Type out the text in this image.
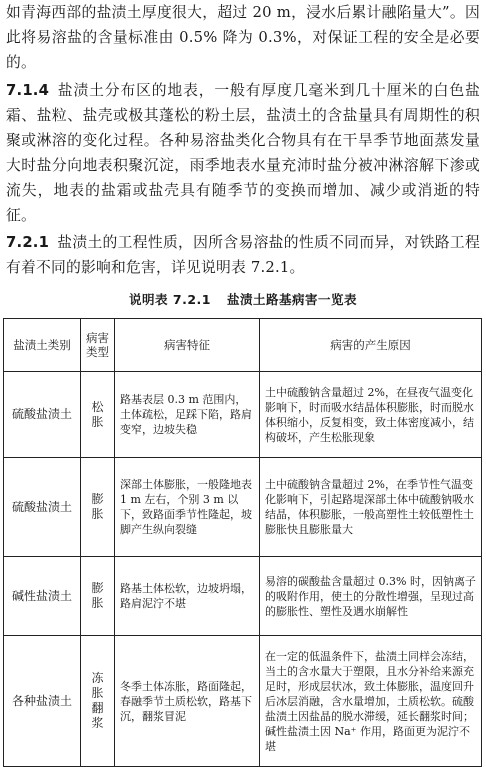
如青海西部的盐渍土厚度很大，超过 20 m，浸水后累计融陷量大”。因此将易溶盐的含量标准由 0.5% 降为 0.3%，对保证工程的安全是必要的。

7.1.4 盐渍土分布区的地表，一般有厚度几毫米到几十厘米的白色盐霜、盐粒、盐壳或极其蓬松的粉土层，盐渍土的含盐量具有周期性的积聚或淋溶的变化过程。各种易溶盐类化合物具有在干旱季节地面蒸发量大时盐分向地表积聚沉淀，雨季地表水量充沛时盐分被冲淋溶解下渗或流失，地表的盐霜或盐壳具有随季节的变换而增加、减少或消逝的特征。

7.2.1 盐渍土的工程性质，因所含易溶盐的性质不同而异，对铁路工程有着不同的影响和危害，详见说明表 7.2.1。

说明表 7.2.1 盐渍土路基病害一览表
盐渍土类别	病害类型	病害特征	病害的产生原因
硫酸盐渍土	松胀	路基表层 0.3 m 范围内，土体疏松，足踩下陷，路肩变窄，边坡失稳	土中硫酸钠含量超过 2%，在昼夜气温变化影响下，时而吸水结晶体积膨胀，时而脱水体积缩小，反复相变，致土体密度减小，结构破坏，产生松胀现象
硫酸盐渍土	膨胀	深部土体膨胀，一般隆地表 1 m 左右，个别 3 m 以下，致路面季节性隆起，坡脚产生纵向裂缝	土中硫酸钠含量超过 2%，在季节性气温变化影响下，引起路堤深部土体中硫酸钠吸水结晶，体积膨胀，一般高塑性土较低塑性土膨胀快且膨胀量大
碱性盐渍土	膨胀	路基土体松软，边坡坍塌，路肩泥泞不堪	易溶的碳酸盐含量超过 0.3% 时，因钠离子的吸附作用，使土的分散性增强，呈现过高的膨胀性、塑性及遇水崩解性
各种盐渍土	冻胀翻浆	冬季土体冻胀，路面隆起，春融季节土质松软，路基下沉，翻浆冒泥	在一定的低温条件下，盐渍土同样会冻结，当土的含水量大于塑限，且水分补给来源充足时，形成层状冰，致土体膨胀，温度回升后冰层消融，含水量增加，土质松软。硫酸盐渍土因盐晶的脱水滞缓，延长翻浆时间；碱性盐渍土因 Na⁺ 作用，路面更为泥泞不堪
